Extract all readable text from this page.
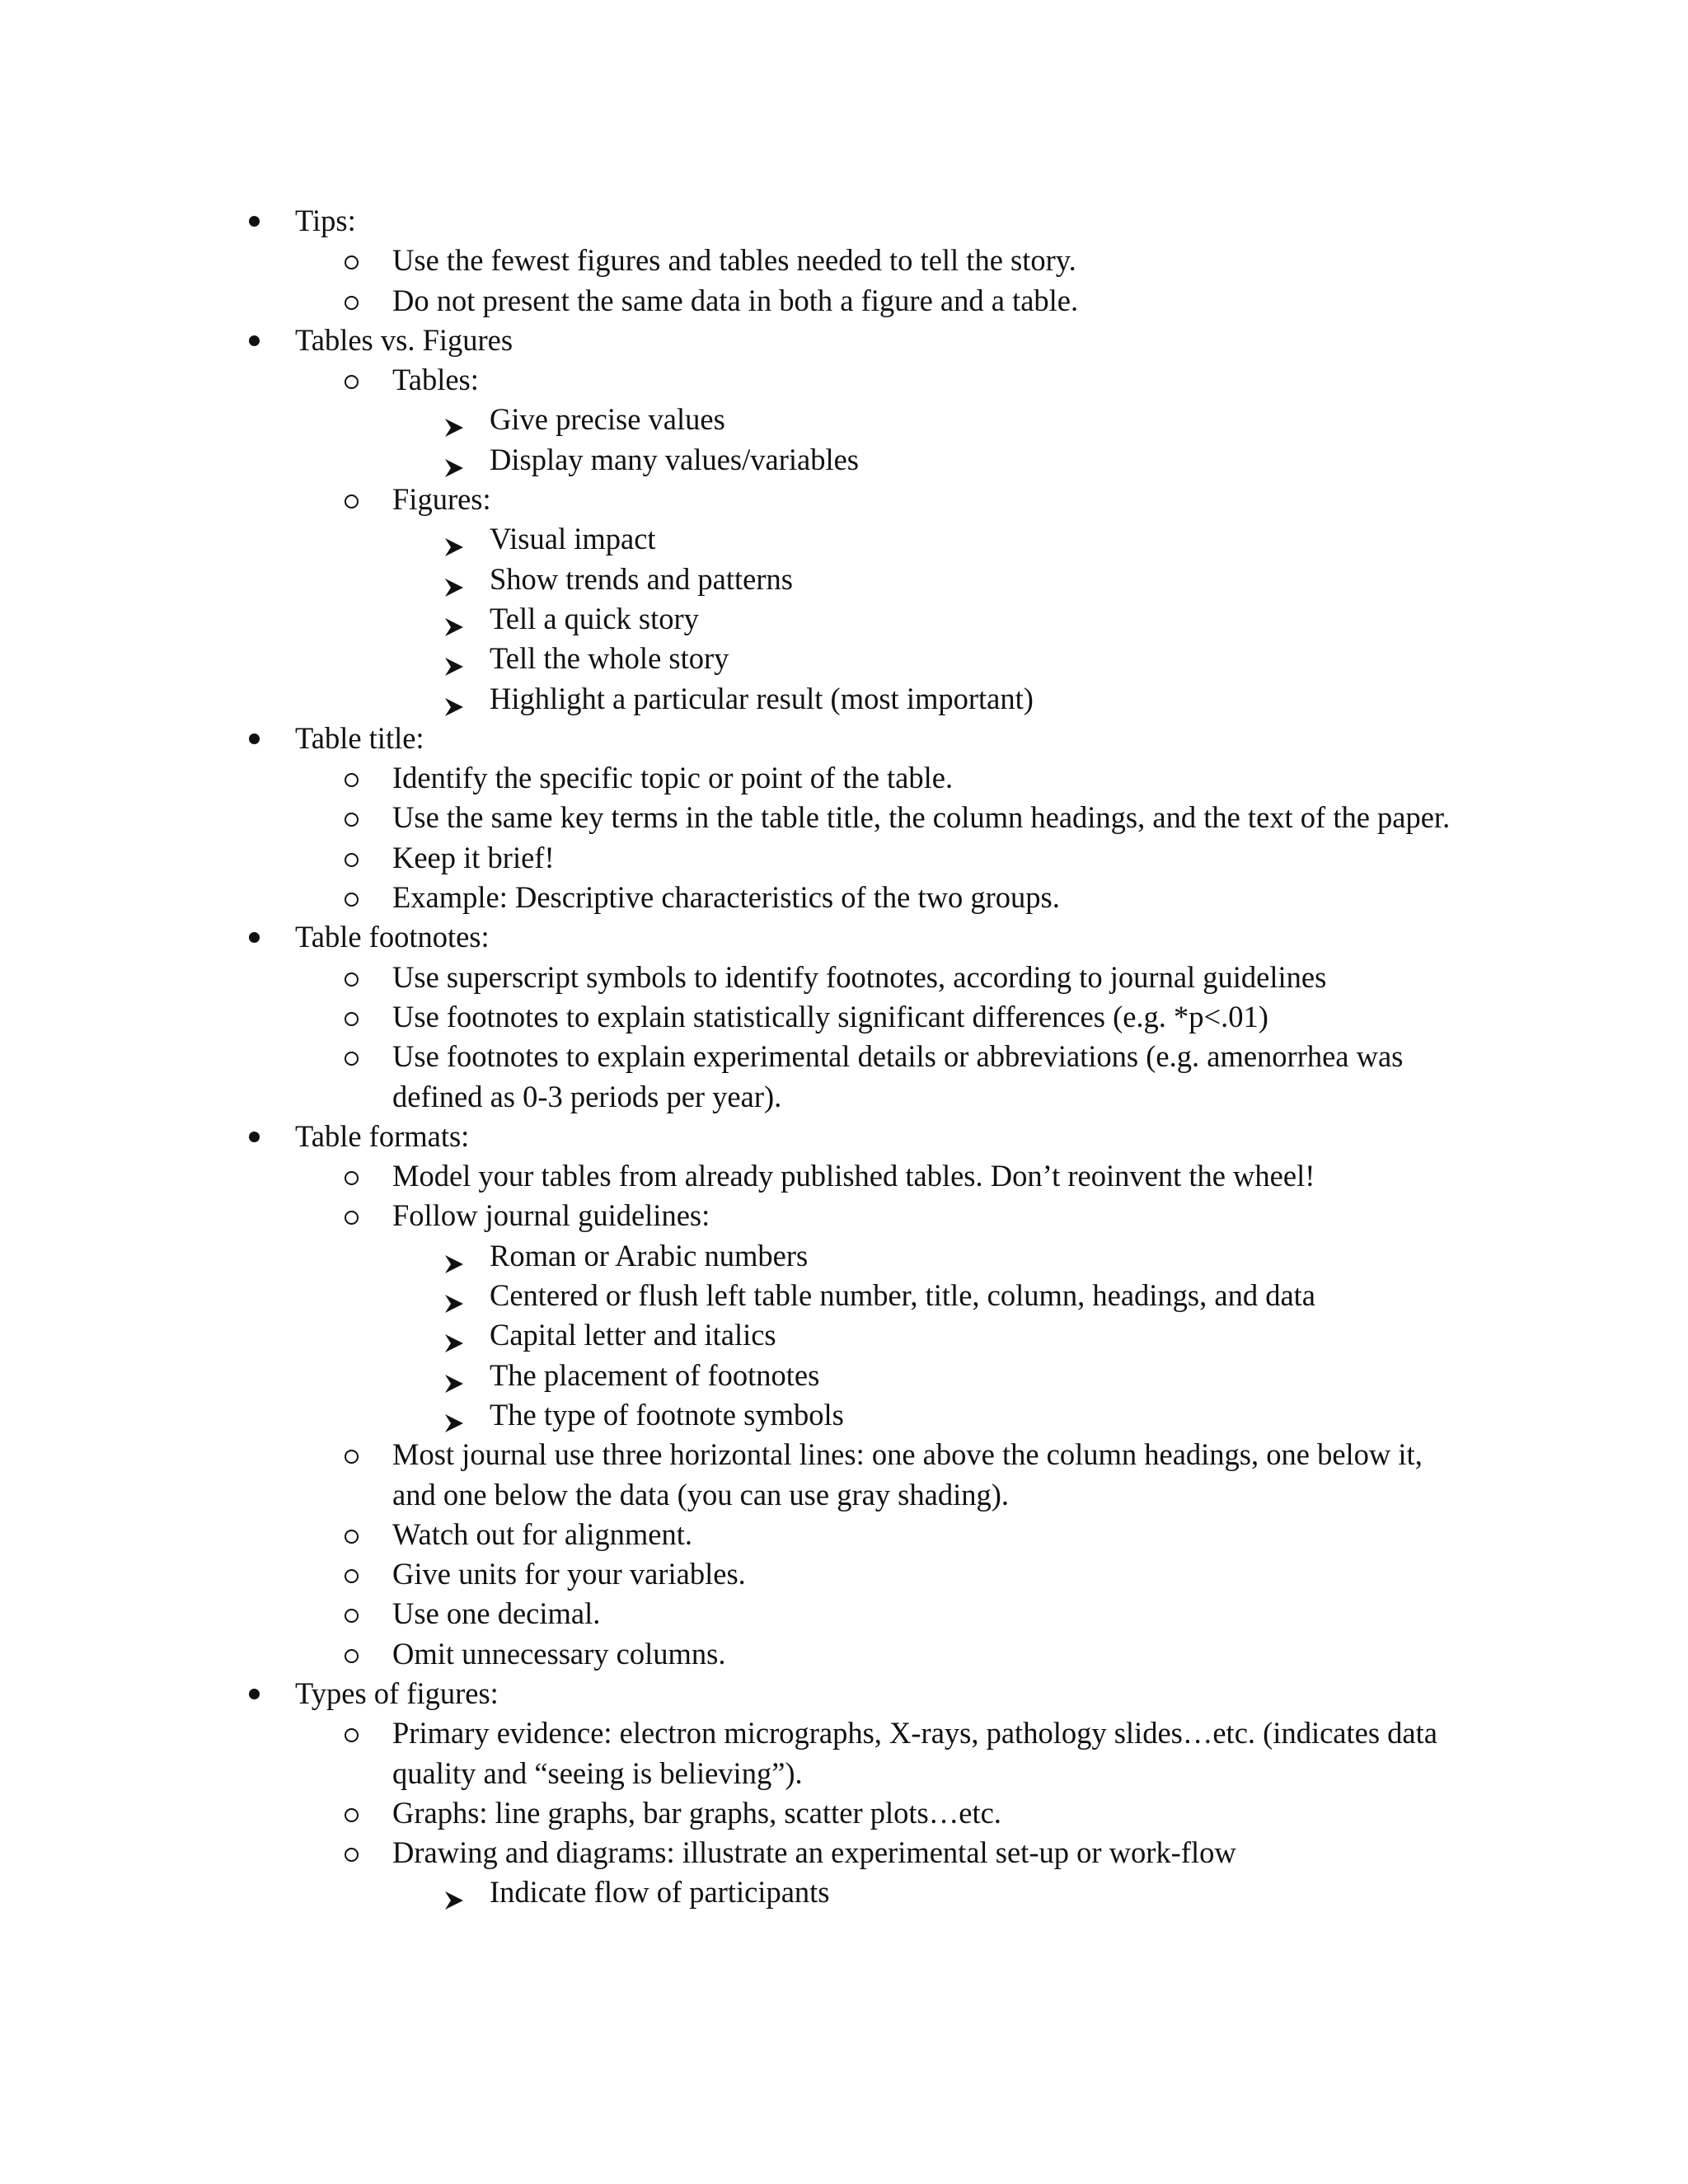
Tips:
Use the fewest figures and tables needed to tell the story.
Do not present the same data in both a figure and a table.
Tables vs. Figures
Tables:
Give precise values
Display many values/variables
Figures:
Visual impact
Show trends and patterns
Tell a quick story
Tell the whole story
Highlight a particular result (most important)
Table title:
Identify the specific topic or point of the table.
Use the same key terms in the table title, the column headings, and the text of the paper.
Keep it brief!
Example: Descriptive characteristics of the two groups.
Table footnotes:
Use superscript symbols to identify footnotes, according to journal guidelines
Use footnotes to explain statistically significant differences (e.g. *p<.01)
Use footnotes to explain experimental details or abbreviations (e.g. amenorrhea was defined as 0-3 periods per year).
Table formats:
Model your tables from already published tables. Don’t reoinvent the wheel!
Follow journal guidelines:
Roman or Arabic numbers
Centered or flush left table number, title, column, headings, and data
Capital letter and italics
The placement of footnotes
The type of footnote symbols
Most journal use three horizontal lines: one above the column headings, one below it, and one below the data (you can use gray shading).
Watch out for alignment.
Give units for your variables.
Use one decimal.
Omit unnecessary columns.
Types of figures:
Primary evidence: electron micrographs, X-rays, pathology slides…etc. (indicates data quality and “seeing is believing”).
Graphs: line graphs, bar graphs, scatter plots…etc.
Drawing and diagrams: illustrate an experimental set-up or work-flow
Indicate flow of participants
